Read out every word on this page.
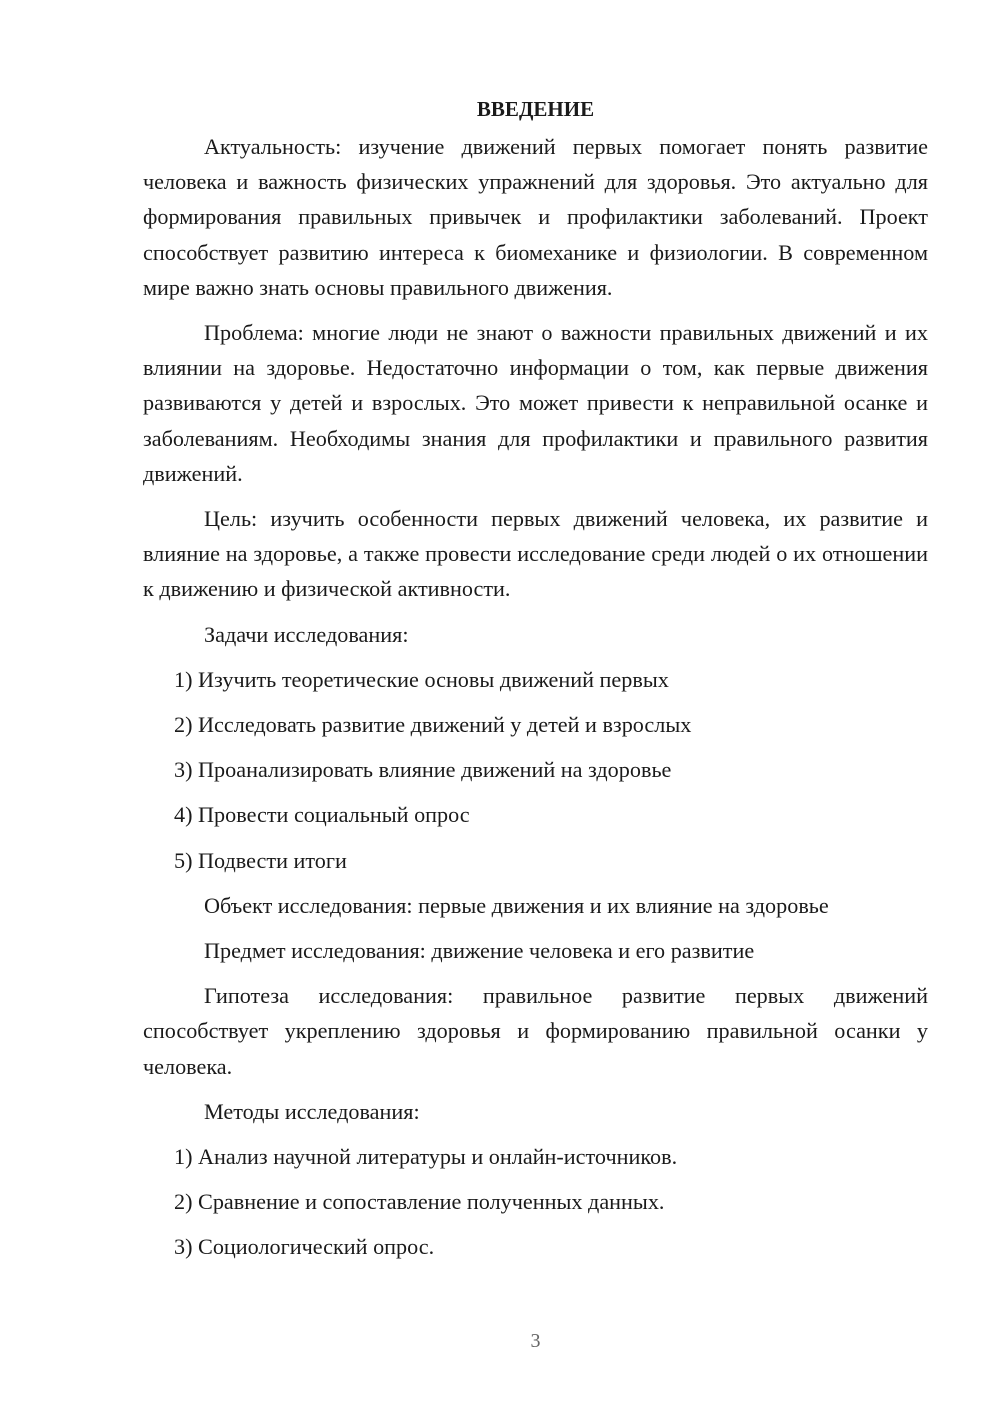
ВВЕДЕНИЕ

Актуальность: изучение движений первых помогает понять развитие человека и важность физических упражнений для здоровья. Это актуально для формирования правильных привычек и профилактики заболеваний. Проект способствует развитию интереса к биомеханике и физиологии. В современном мире важно знать основы правильного движения.

Проблема: многие люди не знают о важности правильных движений и их влиянии на здоровье. Недостаточно информации о том, как первые движения развиваются у детей и взрослых. Это может привести к неправильной осанке и заболеваниям. Необходимы знания для профилактики и правильного развития движений.

Цель: изучить особенности первых движений человека, их развитие и влияние на здоровье, а также провести исследование среди людей о их отношении к движению и физической активности.

Задачи исследования:
1) Изучить теоретические основы движений первых
2) Исследовать развитие движений у детей и взрослых
3) Проанализировать влияние движений на здоровье
4) Провести социальный опрос
5) Подвести итоги
Объект исследования: первые движения и их влияние на здоровье
Предмет исследования: движение человека и его развитие

Гипотеза исследования: правильное развитие первых движений способствует укреплению здоровья и формированию правильной осанки у человека.

Методы исследования:
1) Анализ научной литературы и онлайн-источников.
2) Сравнение и сопоставление полученных данных.
3) Социологический опрос.
3
